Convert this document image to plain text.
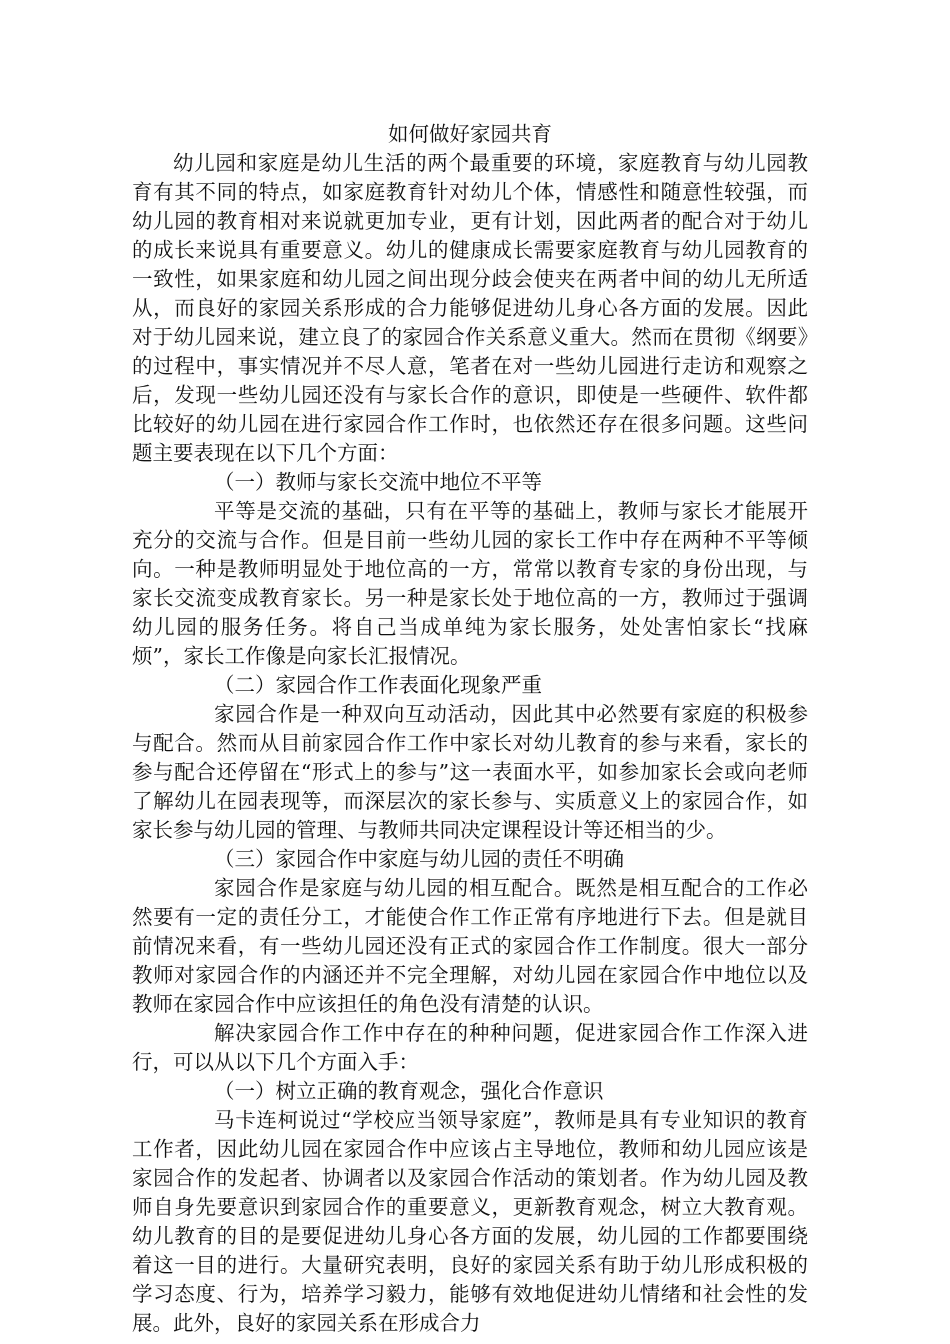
如何做好家园共育

幼儿园和家庭是幼儿生活的两个最重要的环境，家庭教育与幼儿园教育有其不同的特点，如家庭教育针对幼儿个体，情感性和随意性较强，而幼儿园的教育相对来说就更加专业，更有计划，因此两者的配合对于幼儿的成长来说具有重要意义。幼儿的健康成长需要家庭教育与幼儿园教育的一致性，如果家庭和幼儿园之间出现分歧会使夹在两者中间的幼儿无所适从，而良好的家园关系形成的合力能够促进幼儿身心各方面的发展。因此对于幼儿园来说，建立良了的家园合作关系意义重大。然而在贯彻《纲要》的过程中，事实情况并不尽人意，笔者在对一些幼儿园进行走访和观察之后，发现一些幼儿园还没有与家长合作的意识，即使是一些硬件、软件都比较好的幼儿园在进行家园合作工作时，也依然还存在很多问题。这些问题主要表现在以下几个方面：

（一）教师与家长交流中地位不平等

平等是交流的基础，只有在平等的基础上，教师与家长才能展开充分的交流与合作。但是目前一些幼儿园的家长工作中存在两种不平等倾向。一种是教师明显处于地位高的一方，常常以教育专家的身份出现，与家长交流变成教育家长。另一种是家长处于地位高的一方，教师过于强调幼儿园的服务任务。将自己当成单纯为家长服务，处处害怕家长“找麻烦”，家长工作像是向家长汇报情况。

（二）家园合作工作表面化现象严重

家园合作是一种双向互动活动，因此其中必然要有家庭的积极参与配合。然而从目前家园合作工作中家长对幼儿教育的参与来看，家长的参与配合还停留在“形式上的参与”这一表面水平，如参加家长会或向老师了解幼儿在园表现等，而深层次的家长参与、实质意义上的家园合作，如家长参与幼儿园的管理、与教师共同决定课程设计等还相当的少。

（三）家园合作中家庭与幼儿园的责任不明确

家园合作是家庭与幼儿园的相互配合。既然是相互配合的工作必然要有一定的责任分工，才能使合作工作正常有序地进行下去。但是就目前情况来看，有一些幼儿园还没有正式的家园合作工作制度。很大一部分教师对家园合作的内涵还并不完全理解，对幼儿园在家园合作中地位以及教师在家园合作中应该担任的角色没有清楚的认识。

解决家园合作工作中存在的种种问题，促进家园合作工作深入进行，可以从以下几个方面入手：

（一）树立正确的教育观念，强化合作意识

马卡连柯说过“学校应当领导家庭”，教师是具有专业知识的教育工作者，因此幼儿园在家园合作中应该占主导地位，教师和幼儿园应该是家园合作的发起者、协调者以及家园合作活动的策划者。作为幼儿园及教师自身先要意识到家园合作的重要意义，更新教育观念，树立大教育观。幼儿教育的目的是要促进幼儿身心各方面的发展，幼儿园的工作都要围绕着这一目的进行。大量研究表明，良好的家园关系有助于幼儿形成积极的学习态度、行为，培养学习毅力，能够有效地促进幼儿情绪和社会性的发展。此外，良好的家园关系在形成合力
